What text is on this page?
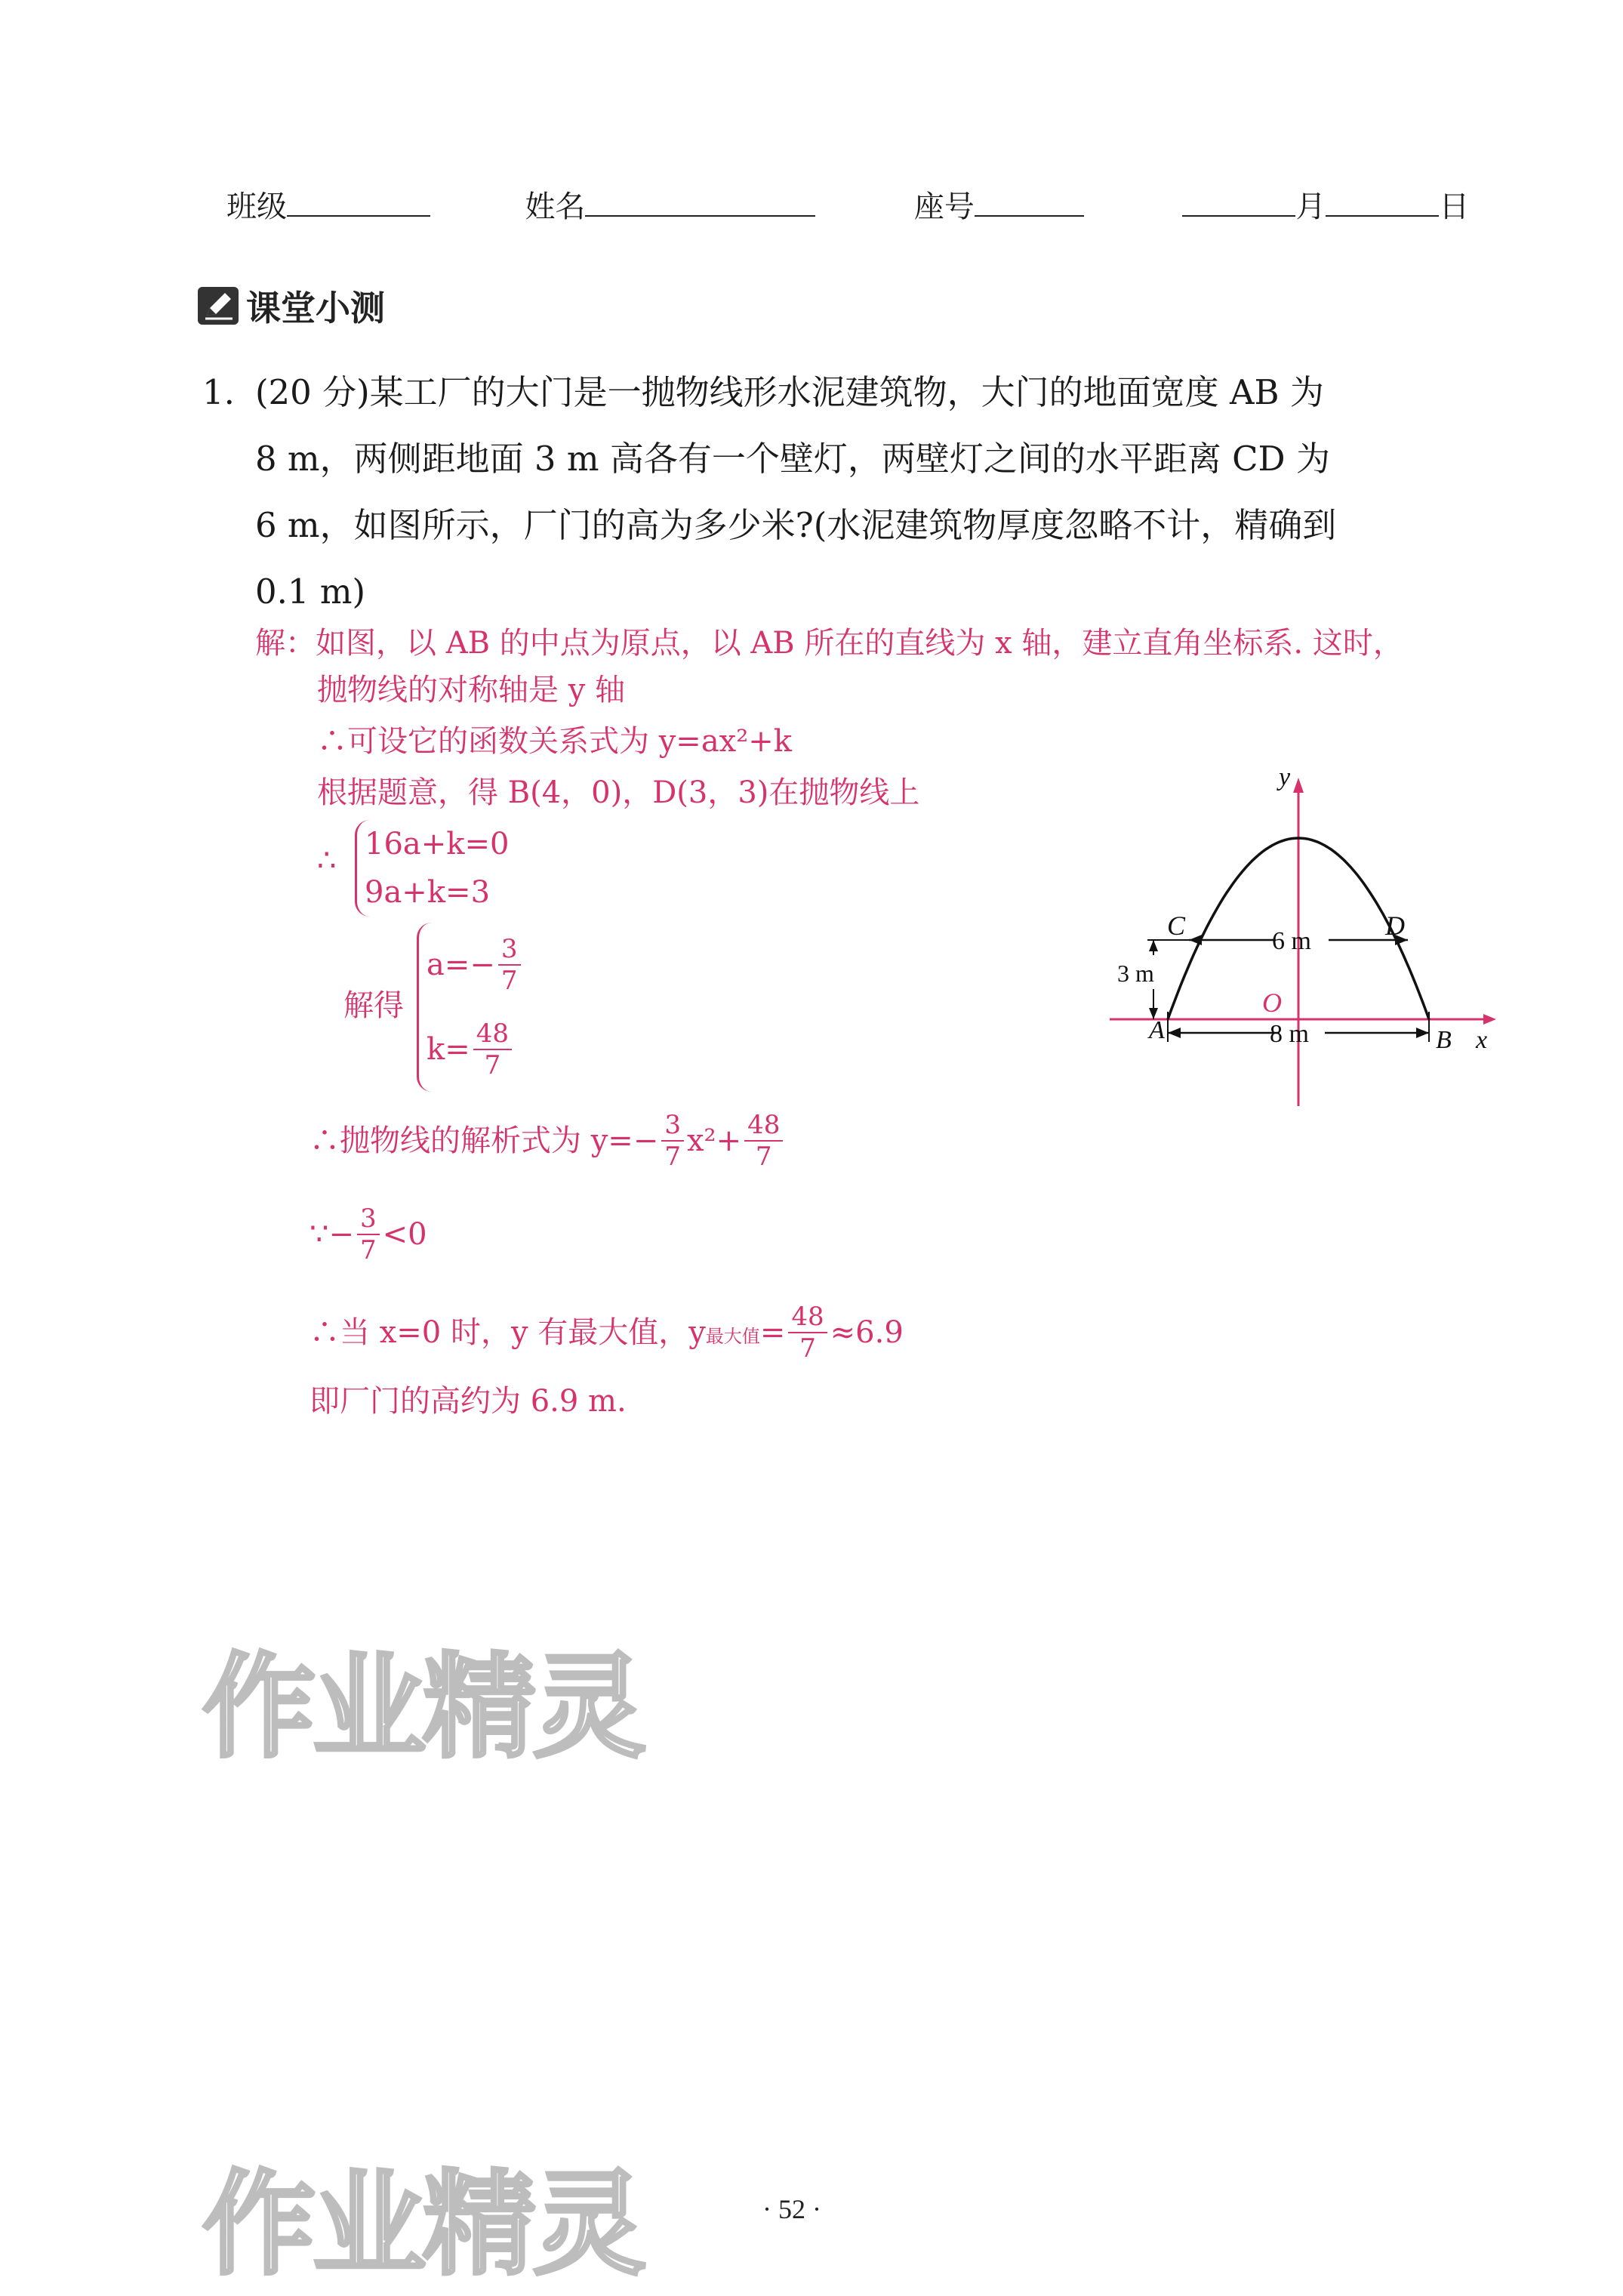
班级	姓名	座号	月	日
课堂小测
1. (20 分)某工厂的大门是一抛物线形水泥建筑物，大门的地面宽度 AB 为
8 m，两侧距地面 3 m 高各有一个壁灯，两壁灯之间的水平距离 CD 为
6 m，如图所示，厂门的高为多少米?(水泥建筑物厚度忽略不计，精确到
0.1 m)
解：如图，以 AB 的中点为原点，以 AB 所在的直线为 x 轴，建立直角坐标系. 这时，
抛物线的对称轴是 y 轴
∴可设它的函数关系式为 y=ax²+k
根据题意，得 B(4，0)，D(3，3)在抛物线上
∴ 16a+k=0
9a+k=3
解得
$a=- \frac{3}{7}$
$k= \frac{48}{7}$
∴抛物线的解析式为 $y=- \frac{3}{7} x^2+ \frac{48}{7}$
∵− $\frac{3}{7} <0$
∴当 x=0 时，y 有最大值，y 最大值 = $\frac{48}{7} \approx 6.9$
即厂门的高约为 6.9 m.
y
x
O
A	B
C	D
6 m
8 m
3 m
作业精灵
作业精灵	· 52 ·
